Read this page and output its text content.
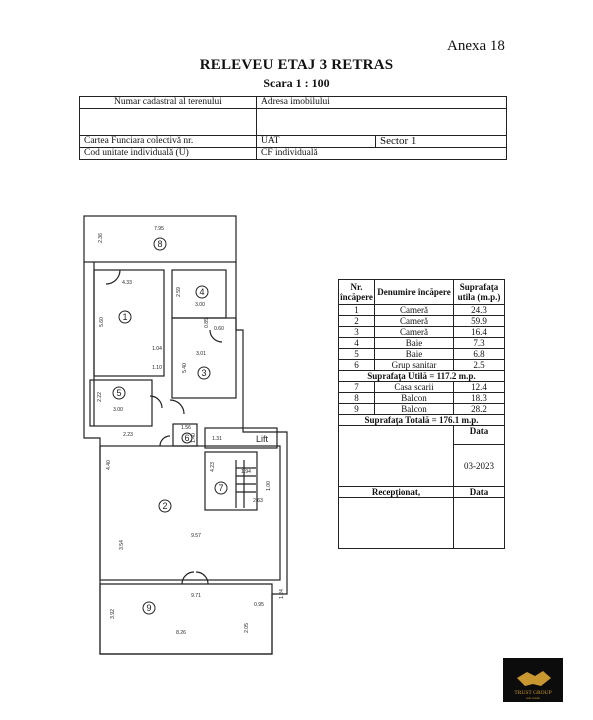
Anexa 18
RELEVEU ETAJ 3 RETRAS
Scara 1 : 100
Numar cadastral al terenului	Adresa imobilului	

Cartea Funciara colectivă nr.	UAT	Sector 1
Cod unitate individuală (U)	CF individuală	
8
1
4
3
5
6
7
2
9
Lift
7.95
2.36
4.33
5.60
2.59
3.00
0.85
0.60
1.04
1.10
3.01
5.40
2.22
3.00
2.23
1.56
1.40	1.31
4.40	4.23
1.94
1.00
2.63
9.57
3.54
9.71
0.95
1.24
3.92
2.05
8.26
Nr. încăpere	Denumire încăpere	Suprafaţa utila (m.p.)
1	Cameră	24.3
2	Cameră	59.9
3	Cameră	16.4
4	Baie	7.3
5	Baie	6.8
6	Grup sanitar	2.5
Suprafaţa Utilă = 117.2 m.p.		
7	Casa scarii	12.4
8	Balcon	18.3
9	Balcon	28.2
Suprafaţa Totală = 176.1 m.p.		
		Data
		03-2023
Recepţionat,		Data

TRUST GROUP
real estate
